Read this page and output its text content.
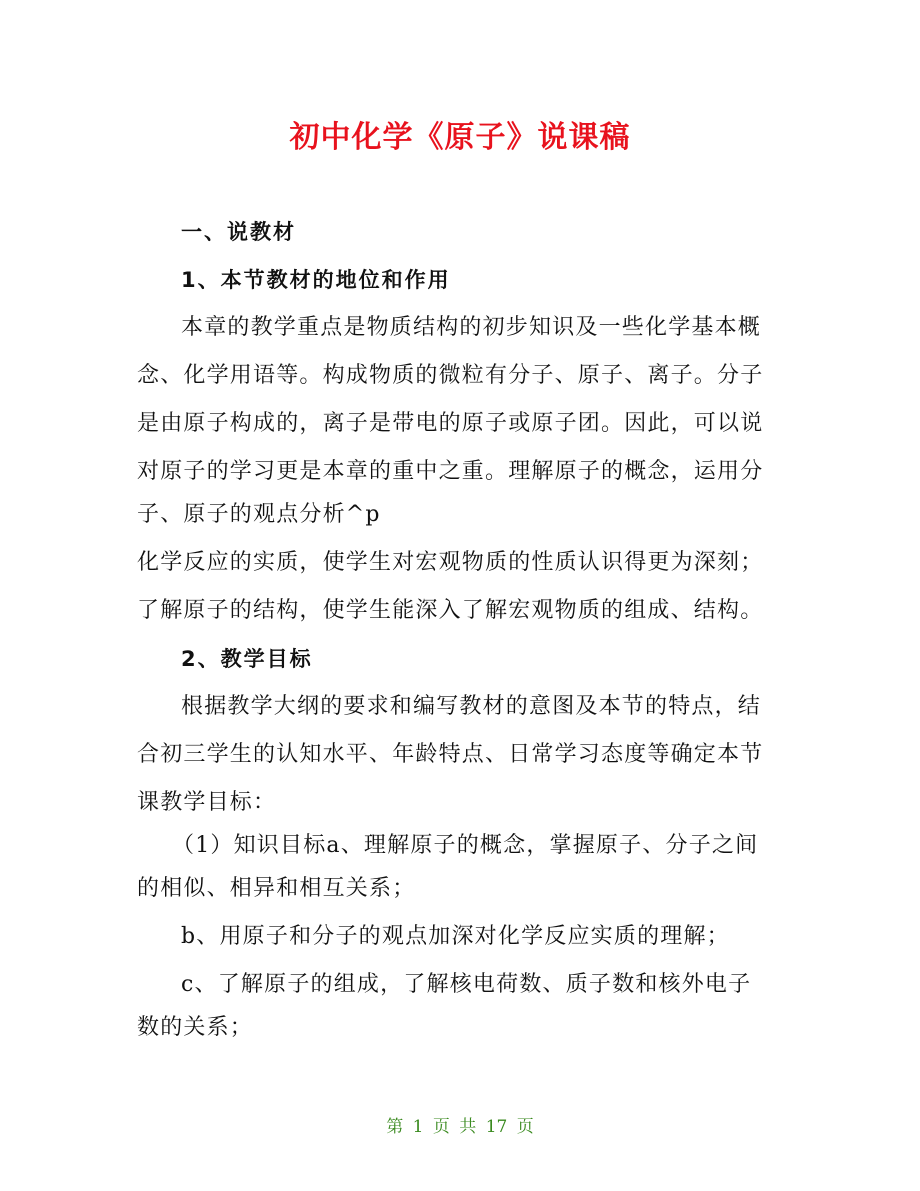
初中化学《原子》说课稿
一、说教材
1、本节教材的地位和作用
本章的教学重点是物质结构的初步知识及一些化学基本概
念、化学用语等。构成物质的微粒有分子、原子、离子。分子
是由原子构成的，离子是带电的原子或原子团。因此，可以说
对原子的学习更是本章的重中之重。理解原子的概念，运用分
子、原子的观点分析^p
化学反应的实质，使学生对宏观物质的性质认识得更为深刻；
了解原子的结构，使学生能深入了解宏观物质的组成、结构。
2、教学目标
根据教学大纲的要求和编写教材的意图及本节的特点，结
合初三学生的认知水平、年龄特点、日常学习态度等确定本节
课教学目标：
（1）知识目标a、理解原子的概念，掌握原子、分子之间
的相似、相异和相互关系；
b、用原子和分子的观点加深对化学反应实质的理解；
c、了解原子的组成，了解核电荷数、质子数和核外电子
数的关系；
第 1 页 共 17 页
